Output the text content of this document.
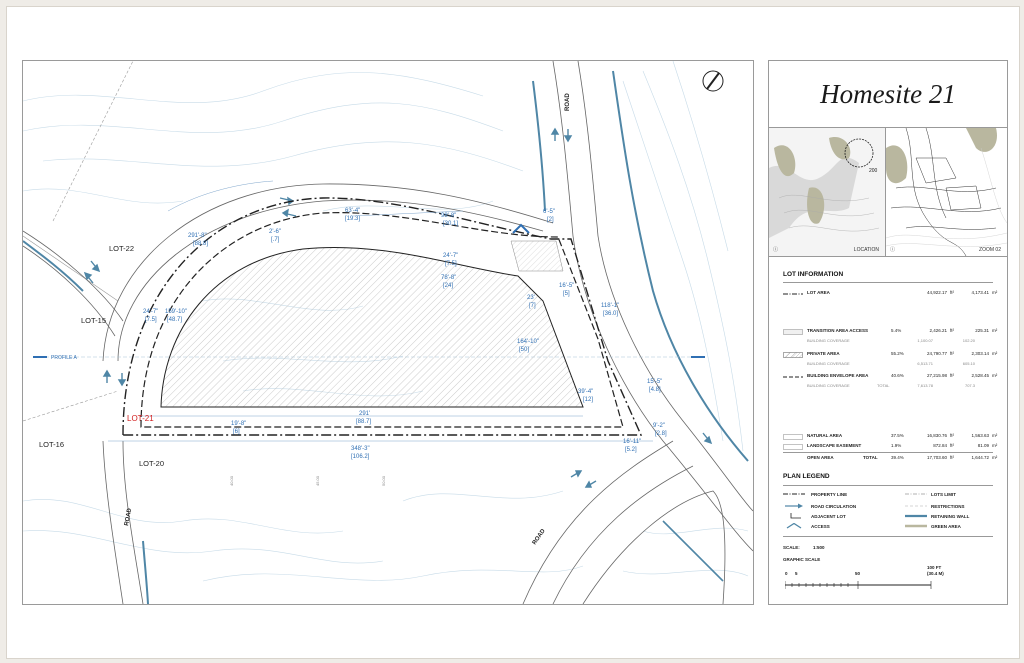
291'-8"
[88.8]
63'-4"
[19.3]	98'-8"
[30.1]
6'-5"
[2]
2'-6"
[.7]
24'-7"
[7.5]
78'-8"
[24]
24'-7"
[7.5]
159'-10"
[48.7]
23'
[7]
16'-5"
[5]
118'-1"
[36.0]
164'-10"
[50]
39'-4"
[12]
15'-5"
[4.8]
291'
[88.7]
19'-8"
[6]
16'-11"
[5.2]
9'-2"
[2.8]
348'-3"
[106.2]
40.00	45.00	50.00
LOT-22
LOT-15
LOT-16
LOT-20
LOT-21
ROAD
ROAD
ROAD
PROFILE A
Homesite 21
200
ⓘ	LOCATION ⓘ	ZOOM 02
LOT INFORMATION
LOT AREA	44,922.17 ft²	4,173.41 m²
TRANSITION AREA ACCESS	5.4%	2,426.21 ft²	225.31 m²
BUILDING COVERAGE	1,100.07	102.20
PRIVATE AREA	55.2%	24,790.77 ft²	2,303.14 m²
BUILDING COVERAGE	6,513.71	605.10
BUILDING ENVELOPE AREA	40.6%	27,215.98 ft²	2,528.45 m²
BUILDING COVERAGE	TOTAL	7,613.78	707.3
NATURAL AREA	37.5%	16,830.76 ft²	1,563.63 m²
LANDSCAPE EASEMENT	1.9%	872.84 ft²	81.09 m²
OPEN AREA	TOTAL	39.4%	17,703.60 ft²	1,644.72 m²
PLAN LEGEND
PROPERTY LINE
ROAD CIRCULATION
ADJACENT LOT
ACCESS
LOTS LIMIT
RESTRICTIONS
RETAINING WALL
GREEN AREA
SCALE:	1:500
GRAPHIC SCALE
0 5	50
100 FT
(30.4 M)
